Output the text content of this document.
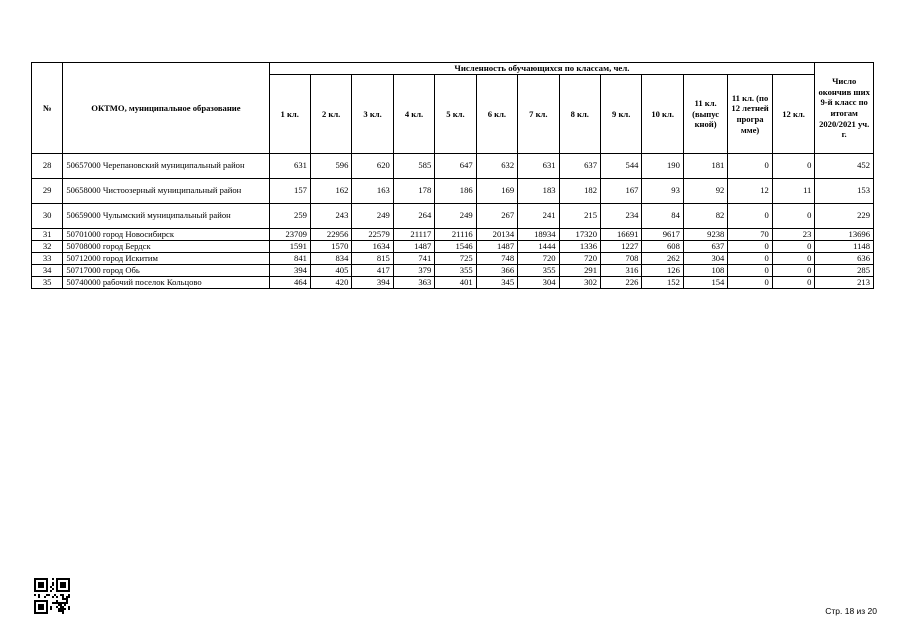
№	ОКТМО, муниципальное образование	Численность обучающихся по классам, чел.													Число окончив ших 9-й класс по итогам 2020/2021 уч. г.
		1 кл.	2 кл.	3 кл.	4 кл.	5 кл.	6 кл.	7 кл.	8 кл.	9 кл.	10 кл.	11 кл. (выпус кной)	11 кл. (по 12 летней програ мме)	12 кл.	
28	50657000 Черепановский муниципальный район	631	596	620	585	647	632	631	637	544	190	181	0	0	452
29	50658000 Чистоозерный муниципальный район	157	162	163	178	186	169	183	182	167	93	92	12	11	153
30	50659000 Чулымский муниципальный район	259	243	249	264	249	267	241	215	234	84	82	0	0	229
31	50701000 город Новосибирск	23709	22956	22579	21117	21116	20134	18934	17320	16691	9617	9238	70	23	13696
32	50708000 город Бердск	1591	1570	1634	1487	1546	1487	1444	1336	1227	608	637	0	0	1148
33	50712000 город Искитим	841	834	815	741	725	748	720	720	708	262	304	0	0	636
34	50717000 город Обь	394	405	417	379	355	366	355	291	316	126	108	0	0	285
35	50740000 рабочий поселок Кольцово	464	420	394	363	401	345	304	302	226	152	154	0	0	213
Стр. 18 из 20
